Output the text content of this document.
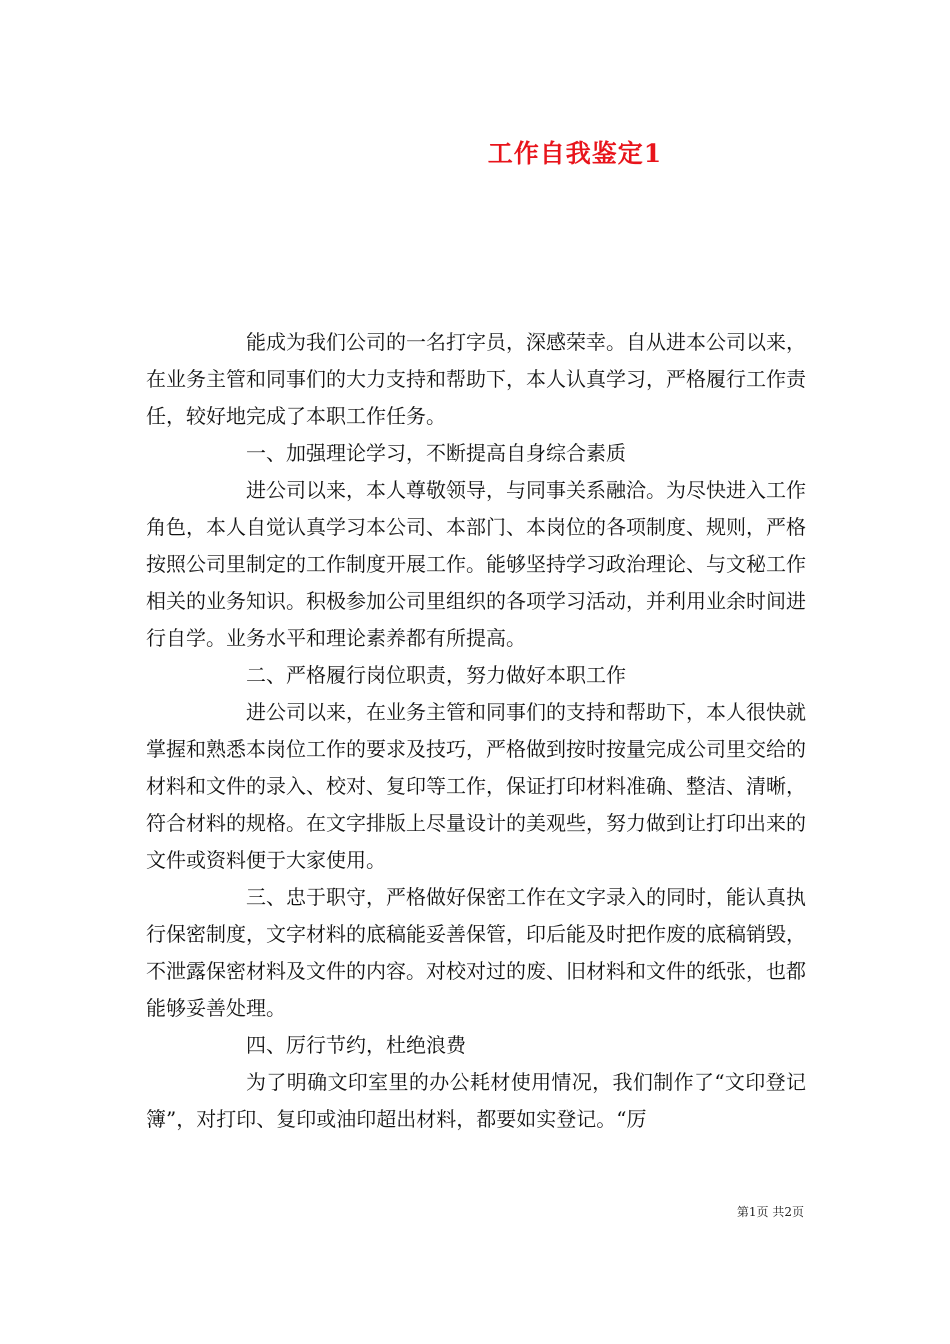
工作自我鉴定1

能成为我们公司的一名打字员，深感荣幸。自从进本公司以来，在业务主管和同事们的大力支持和帮助下，本人认真学习，严格履行工作责任，较好地完成了本职工作任务。

一、加强理论学习，不断提高自身综合素质

进公司以来，本人尊敬领导，与同事关系融洽。为尽快进入工作角色，本人自觉认真学习本公司、本部门、本岗位的各项制度、规则，严格按照公司里制定的工作制度开展工作。能够坚持学习政治理论、与文秘工作相关的业务知识。积极参加公司里组织的各项学习活动，并利用业余时间进行自学。业务水平和理论素养都有所提高。

二、严格履行岗位职责，努力做好本职工作

进公司以来，在业务主管和同事们的支持和帮助下，本人很快就掌握和熟悉本岗位工作的要求及技巧，严格做到按时按量完成公司里交给的材料和文件的录入、校对、复印等工作，保证打印材料准确、整洁、清晰，符合材料的规格。在文字排版上尽量设计的美观些，努力做到让打印出来的文件或资料便于大家使用。

三、忠于职守，严格做好保密工作在文字录入的同时，能认真执行保密制度，文字材料的底稿能妥善保管，印后能及时把作废的底稿销毁，不泄露保密材料及文件的内容。对校对过的废、旧材料和文件的纸张，也都能够妥善处理。

四、厉行节约，杜绝浪费

为了明确文印室里的办公耗材使用情况，我们制作了“文印登记簿”，对打印、复印或油印超出材料，都要如实登记。“厉

第1页 共2页
